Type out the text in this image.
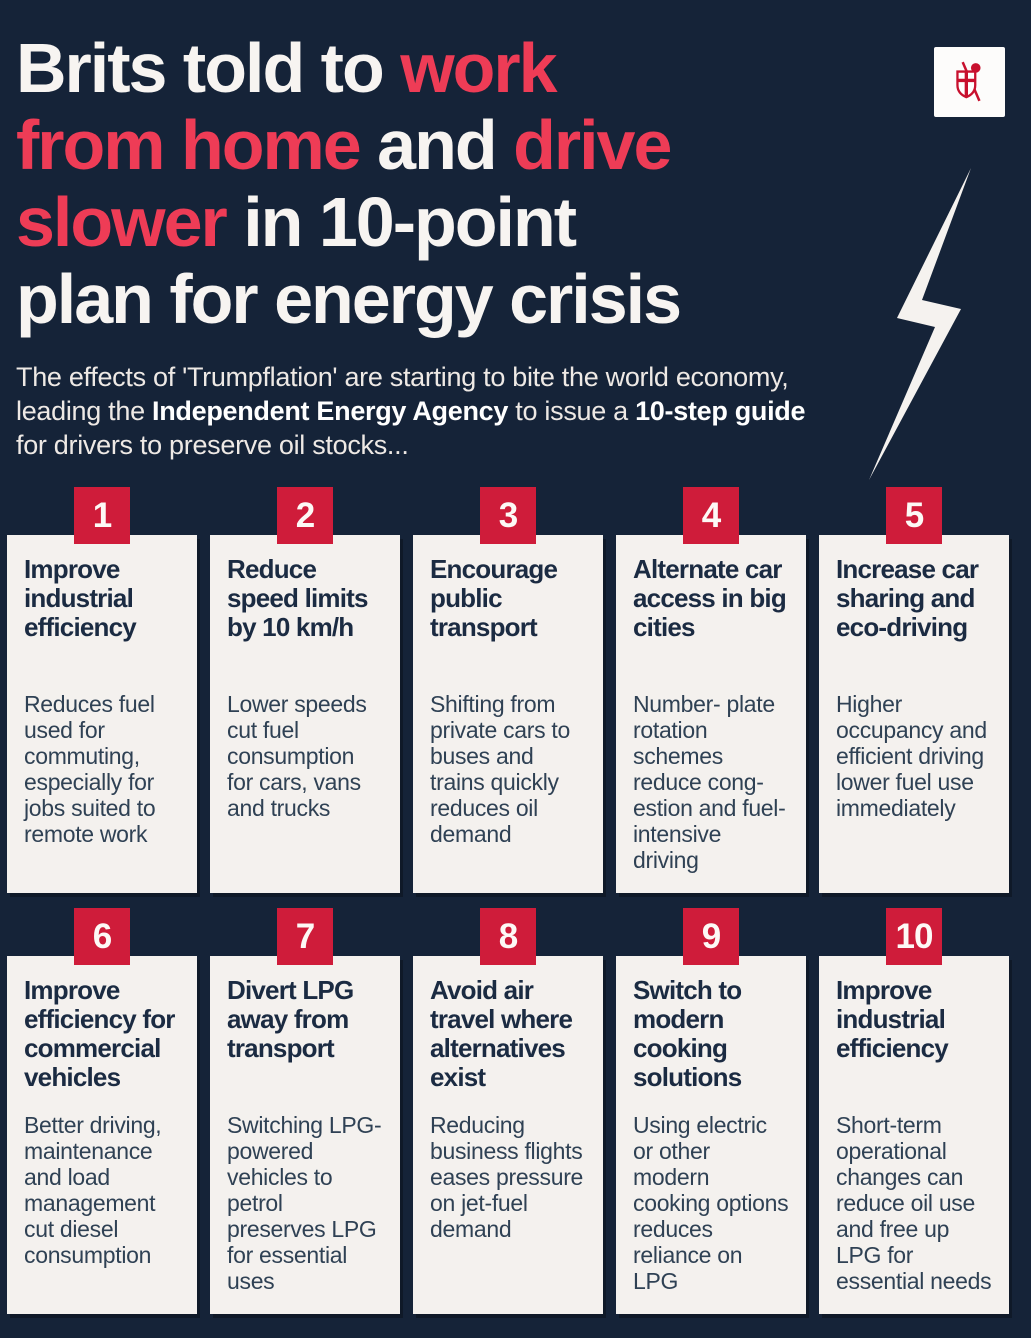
Brits told to work
from home and drive
slower in 10-point
plan for energy crisis

The effects of 'Trumpflation' are starting to bite the world economy, leading the Independent Energy Agency to issue a 10-step guide for drivers to preserve oil stocks...

1
Improve industrial efficiency
Reduces fuel used for commuting, especially for jobs suited to remote work
2
Reduce speed limits by 10 km/h
Lower speeds cut fuel consumption for cars, vans and trucks
3
Encourage public transport
Shifting from private cars to buses and trains quickly reduces oil demand
4
Alternate car access in big cities
Number- plate rotation schemes reduce cong- estion and fuel-intensive driving
5
Increase car sharing and eco-driving
Higher occupancy and efficient driving lower fuel use immediately
6
Improve efficiency for commercial vehicles
Better driving, maintenance and load management cut diesel consumption
7
Divert LPG away from transport
Switching LPG-powered vehicles to petrol preserves LPG for essential uses
8
Avoid air travel where alternatives exist
Reducing business flights eases pressure on jet-fuel demand
9
Switch to modern cooking solutions
Using electric or other modern cooking options reduces reliance on LPG
10
Improve industrial efficiency
Short-term operational changes can reduce oil use and free up LPG for essential needs
